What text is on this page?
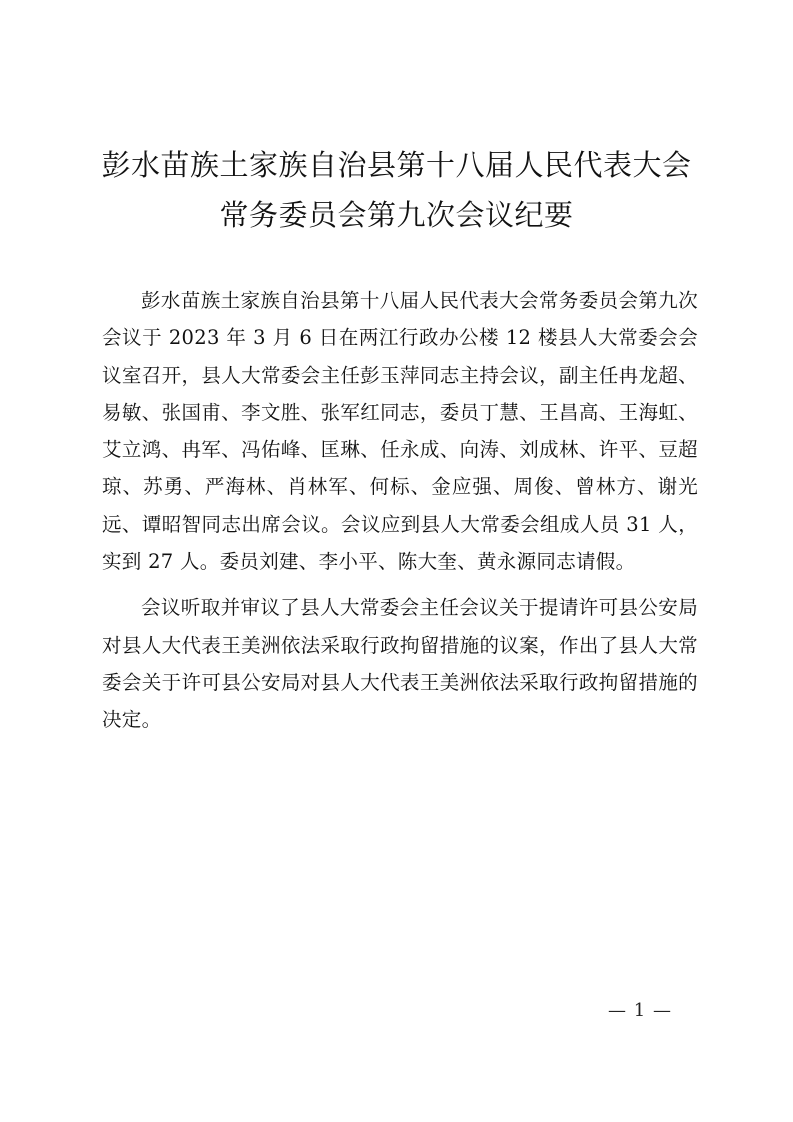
彭水苗族土家族自治县第十八届人民代表大会
常务委员会第九次会议纪要

彭水苗族土家族自治县第十八届人民代表大会常务委员会第九次会议于 2023 年 3 月 6 日在两江行政办公楼 12 楼县人大常委会会议室召开，县人大常委会主任彭玉萍同志主持会议，副主任冉龙超、易敏、张国甫、李文胜、张军红同志，委员丁慧、王昌高、王海虹、艾立鸿、冉军、冯佑峰、匡琳、任永成、向涛、刘成林、许平、豆超琼、苏勇、严海林、肖林军、何标、金应强、周俊、曾林方、谢光远、谭昭智同志出席会议。会议应到县人大常委会组成人员 31 人，实到 27 人。委员刘建、李小平、陈大奎、黄永源同志请假。

会议听取并审议了县人大常委会主任会议关于提请许可县公安局对县人大代表王美洲依法采取行政拘留措施的议案，作出了县人大常委会关于许可县公安局对县人大代表王美洲依法采取行政拘留措施的决定。

— 1 —
